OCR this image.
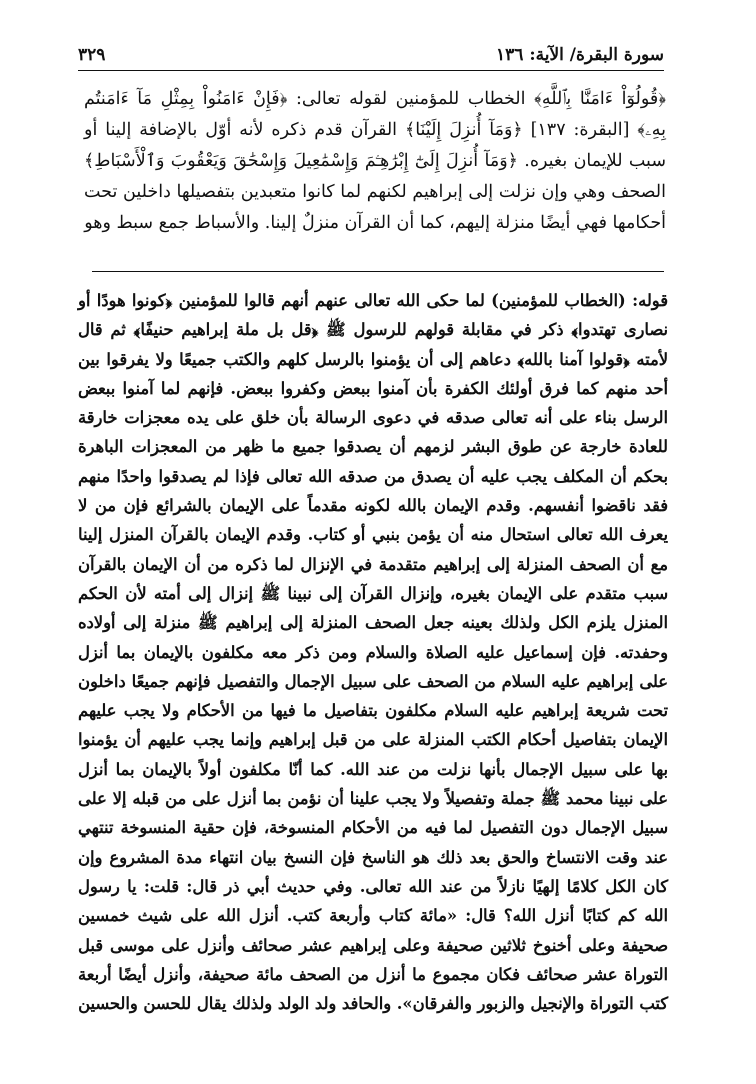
سورة البقرة/ الآية: ١٣٦
٣٢٩

﴿قُولُوٓاْ ءَامَنَّا بِٱللَّهِ﴾ الخطاب للمؤمنين لقوله تعالى: ﴿فَإِنْ ءَامَنُواْ بِمِثْلِ مَآ ءَامَنتُم بِهِۦ﴾ [البقرة: ١٣٧] ﴿وَمَآ أُنزِلَ إِلَيْنَا﴾ القرآن قدم ذكره لأنه أوّل بالإضافة إلينا أو سبب للإيمان بغيره. ﴿وَمَآ أُنزِلَ إِلَىٰٓ إِبْرَٰهِـۧمَ وَإِسْمَٰعِيلَ وَإِسْحَٰقَ وَيَعْقُوبَ وَٱلْأَسْبَاطِ﴾ الصحف وهي وإن نزلت إلى إبراهيم لكنهم لما كانوا متعبدين بتفصيلها داخلين تحت أحكامها فهي أيضًا منزلة إليهم، كما أن القرآن منزلٌ إلينا. والأسباط جمع سبط وهو

قوله: (الخطاب للمؤمنين) لما حكى الله تعالى عنهم أنهم قالوا للمؤمنين ﴿كونوا هودًا أو نصارى تهتدوا﴾ ذكر في مقابلة قولهم للرسول ﷺ ﴿قل بل ملة إبراهيم حنيفًا﴾ ثم قال لأمته ﴿قولوا آمنا بالله﴾ دعاهم إلى أن يؤمنوا بالرسل كلهم والكتب جميعًا ولا يفرقوا بين أحد منهم كما فرق أولئك الكفرة بأن آمنوا ببعض وكفروا ببعض. فإنهم لما آمنوا ببعض الرسل بناء على أنه تعالى صدقه في دعوى الرسالة بأن خلق على يده معجزات خارقة للعادة خارجة عن طوق البشر لزمهم أن يصدقوا جميع ما ظهر من المعجزات الباهرة بحكم أن المكلف يجب عليه أن يصدق من صدقه الله تعالى فإذا لم يصدقوا واحدًا منهم فقد ناقضوا أنفسهم. وقدم الإيمان بالله لكونه مقدماً على الإيمان بالشرائع فإن من لا يعرف الله تعالى استحال منه أن يؤمن بنبي أو كتاب. وقدم الإيمان بالقرآن المنزل إلينا مع أن الصحف المنزلة إلى إبراهيم متقدمة في الإنزال لما ذكره من أن الإيمان بالقرآن سبب متقدم على الإيمان بغيره، وإنزال القرآن إلى نبينا ﷺ إنزال إلى أمته لأن الحكم المنزل يلزم الكل ولذلك بعينه جعل الصحف المنزلة إلى إبراهيم ﷺ منزلة إلى أولاده وحفدته. فإن إسماعيل عليه الصلاة والسلام ومن ذكر معه مكلفون بالإيمان بما أنزل على إبراهيم عليه السلام من الصحف على سبيل الإجمال والتفصيل فإنهم جميعًا داخلون تحت شريعة إبراهيم عليه السلام مكلفون بتفاصيل ما فيها من الأحكام ولا يجب عليهم الإيمان بتفاصيل أحكام الكتب المنزلة على من قبل إبراهيم وإنما يجب عليهم أن يؤمنوا بها على سبيل الإجمال بأنها نزلت من عند الله. كما أنّا مكلفون أولاً بالإيمان بما أنزل على نبينا محمد ﷺ جملة وتفصيلاً ولا يجب علينا أن نؤمن بما أنزل على من قبله إلا على سبيل الإجمال دون التفصيل لما فيه من الأحكام المنسوخة، فإن حقية المنسوخة تنتهي عند وقت الانتساخ والحق بعد ذلك هو الناسخ فإن النسخ بيان انتهاء مدة المشروع وإن كان الكل كلامًا إلهيًا نازلاً من عند الله تعالى. وفي حديث أبي ذر قال: قلت: يا رسول الله كم كتابًا أنزل الله؟ قال: «مائة كتاب وأربعة كتب. أنزل الله على شيث خمسين صحيفة وعلى أخنوخ ثلاثين صحيفة وعلى إبراهيم عشر صحائف وأنزل على موسى قبل التوراة عشر صحائف فكان مجموع ما أنزل من الصحف مائة صحيفة، وأنزل أيضًا أربعة كتب التوراة والإنجيل والزبور والفرقان». والحافد ولد الولد ولذلك يقال للحسن والحسين
